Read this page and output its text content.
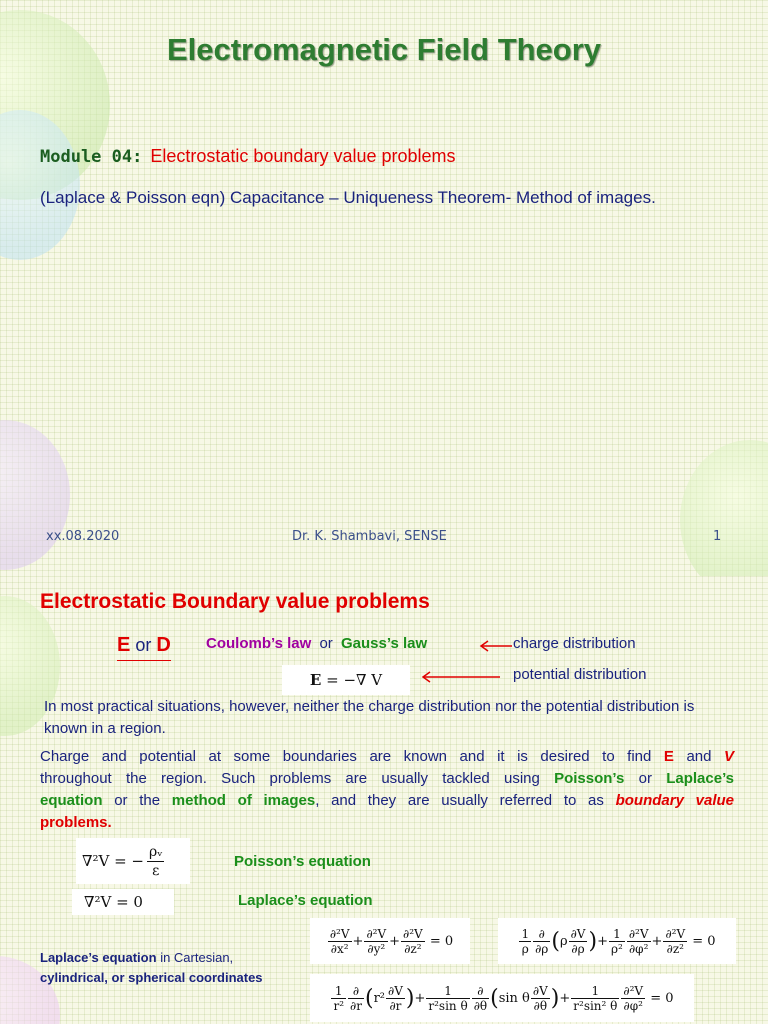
Electromagnetic Field Theory
Module 04: Electrostatic boundary value problems
(Laplace & Poisson eqn) Capacitance – Uniqueness Theorem- Method of images.
xx.08.2020	Dr. K. Shambavi, SENSE	1
Electrostatic Boundary value problems
E or D Coulomb’s law or Gauss’s law	charge distribution
E = −∇ V	potential distribution
In most practical situations, however, neither the charge distribution nor the potential distribution is known in a region.
Charge and potential at some boundaries are known and it is desired to find E and V
throughout the region. Such problems are usually tackled using Poisson’s or Laplace’s
equation or the method of images, and they are usually referred to as boundary value
problems.
∇²V = − $\frac{\text{ρᵥ}}{\varepsilon}$	Poisson’s equation
∇²V = 0	Laplace’s equation
$\frac{\text{∂²V}}{\text{∂x²}} + \frac{\text{∂²V}}{\text{∂y²}} + \frac{\text{∂²V}}{\text{∂z²}} = 0$	$\frac{1}{\rho} \frac{\partial}{\partial\rho}$ ( ρ $\frac{\partial V}{\partial\rho}$ ) + $\frac{1}{\text{ρ²}} \frac{\text{∂²V}}{\text{∂φ²}} + \frac{\text{∂²V}}{\text{∂z²}} = 0$
Laplace’s equation in Cartesian,
cylindrical, or spherical coordinates
$\frac{1}{\text{r²}} \frac{\partial}{\partial r}$ ( $r^2 \frac{\partial V}{\partial r}$ ) + $\frac{1}{\text{r²sin θ}} \frac{\partial}{\partial\theta}$ ( sin θ $\frac{\partial V}{\partial\theta}$ ) + $\frac{1}{\text{r²sin² θ}} \frac{\text{∂²V}}{\text{∂φ²}} = 0$
